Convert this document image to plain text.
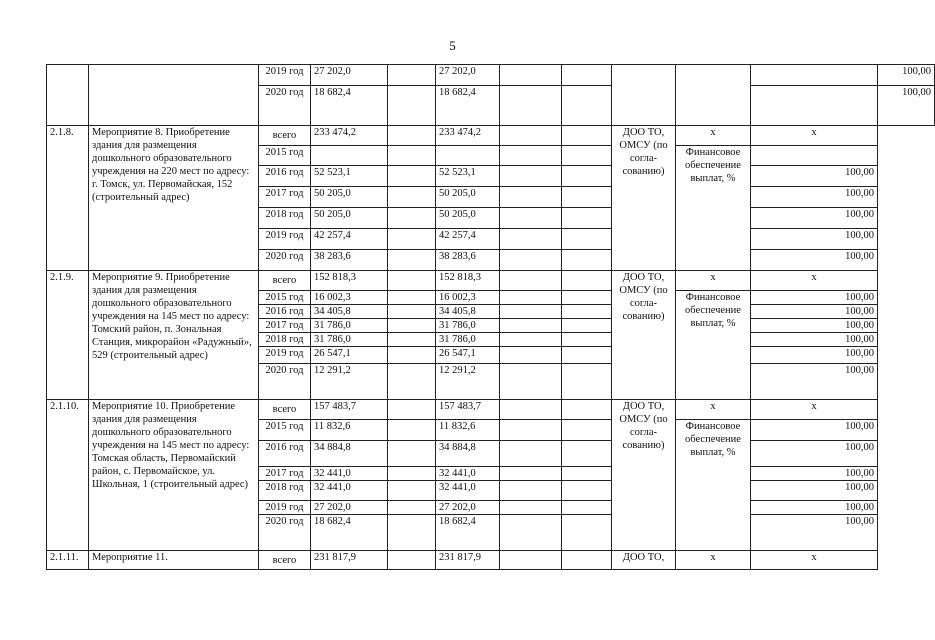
5
		2019 год	27 202,0		27 202,0						100,00
		2020 год	18 682,4		18 682,4						100,00
2.1.8.	Мероприятие 8. Приобретение здания для размещения дошкольного образовательного учреждения на 220 мест по адресу: г. Томск, ул. Первомайская, 152 (строительный адрес)	всего	233 474,2		233 474,2			ДОО ТО, ОМСУ (по согла-сованию)	x	x	
		2015 год							Финансовое обеспечение выплат, %		
		2016 год	52 523,1		52 523,1					100,00	
		2017 год	50 205,0		50 205,0					100,00	
		2018 год	50 205,0		50 205,0					100,00	
		2019 год	42 257,4		42 257,4					100,00	
		2020 год	38 283,6		38 283,6					100,00	
2.1.9.	Мероприятие 9. Приобретение здания для размещения дошкольного образовательного учреждения на 145 мест по адресу: Томский район, п. Зональная Станция, микрорайон «Радужный», 529 (строительный адрес)	всего	152 818,3		152 818,3			ДОО ТО, ОМСУ (по согла-сованию)	x	x	
		2015 год	16 002,3		16 002,3				Финансовое обеспечение выплат, %	100,00	
		2016 год	34 405,8		34 405,8					100,00	
		2017 год	31 786,0		31 786,0					100,00	
		2018 год	31 786,0		31 786,0					100,00	
		2019 год	26 547,1		26 547,1					100,00	
		2020 год	12 291,2		12 291,2					100,00	
2.1.10.	Мероприятие 10. Приобретение здания для размещения дошкольного образовательного учреждения на 145 мест по адресу: Томская область, Первомайский район, с. Первомайское, ул. Школьная, 1 (строительный адрес)	всего	157 483,7		157 483,7			ДОО ТО, ОМСУ (по согла-сованию)	x	x	
		2015 год	11 832,6		11 832,6				Финансовое обеспечение выплат, %	100,00	
		2016 год	34 884,8		34 884,8					100,00	
		2017 год	32 441,0		32 441,0					100,00	
		2018 год	32 441,0		32 441,0					100,00	
		2019 год	27 202,0		27 202,0					100,00	
		2020 год	18 682,4		18 682,4					100,00	
2.1.11.	Мероприятие 11.	всего	231 817,9		231 817,9			ДОО ТО,	x	x	
